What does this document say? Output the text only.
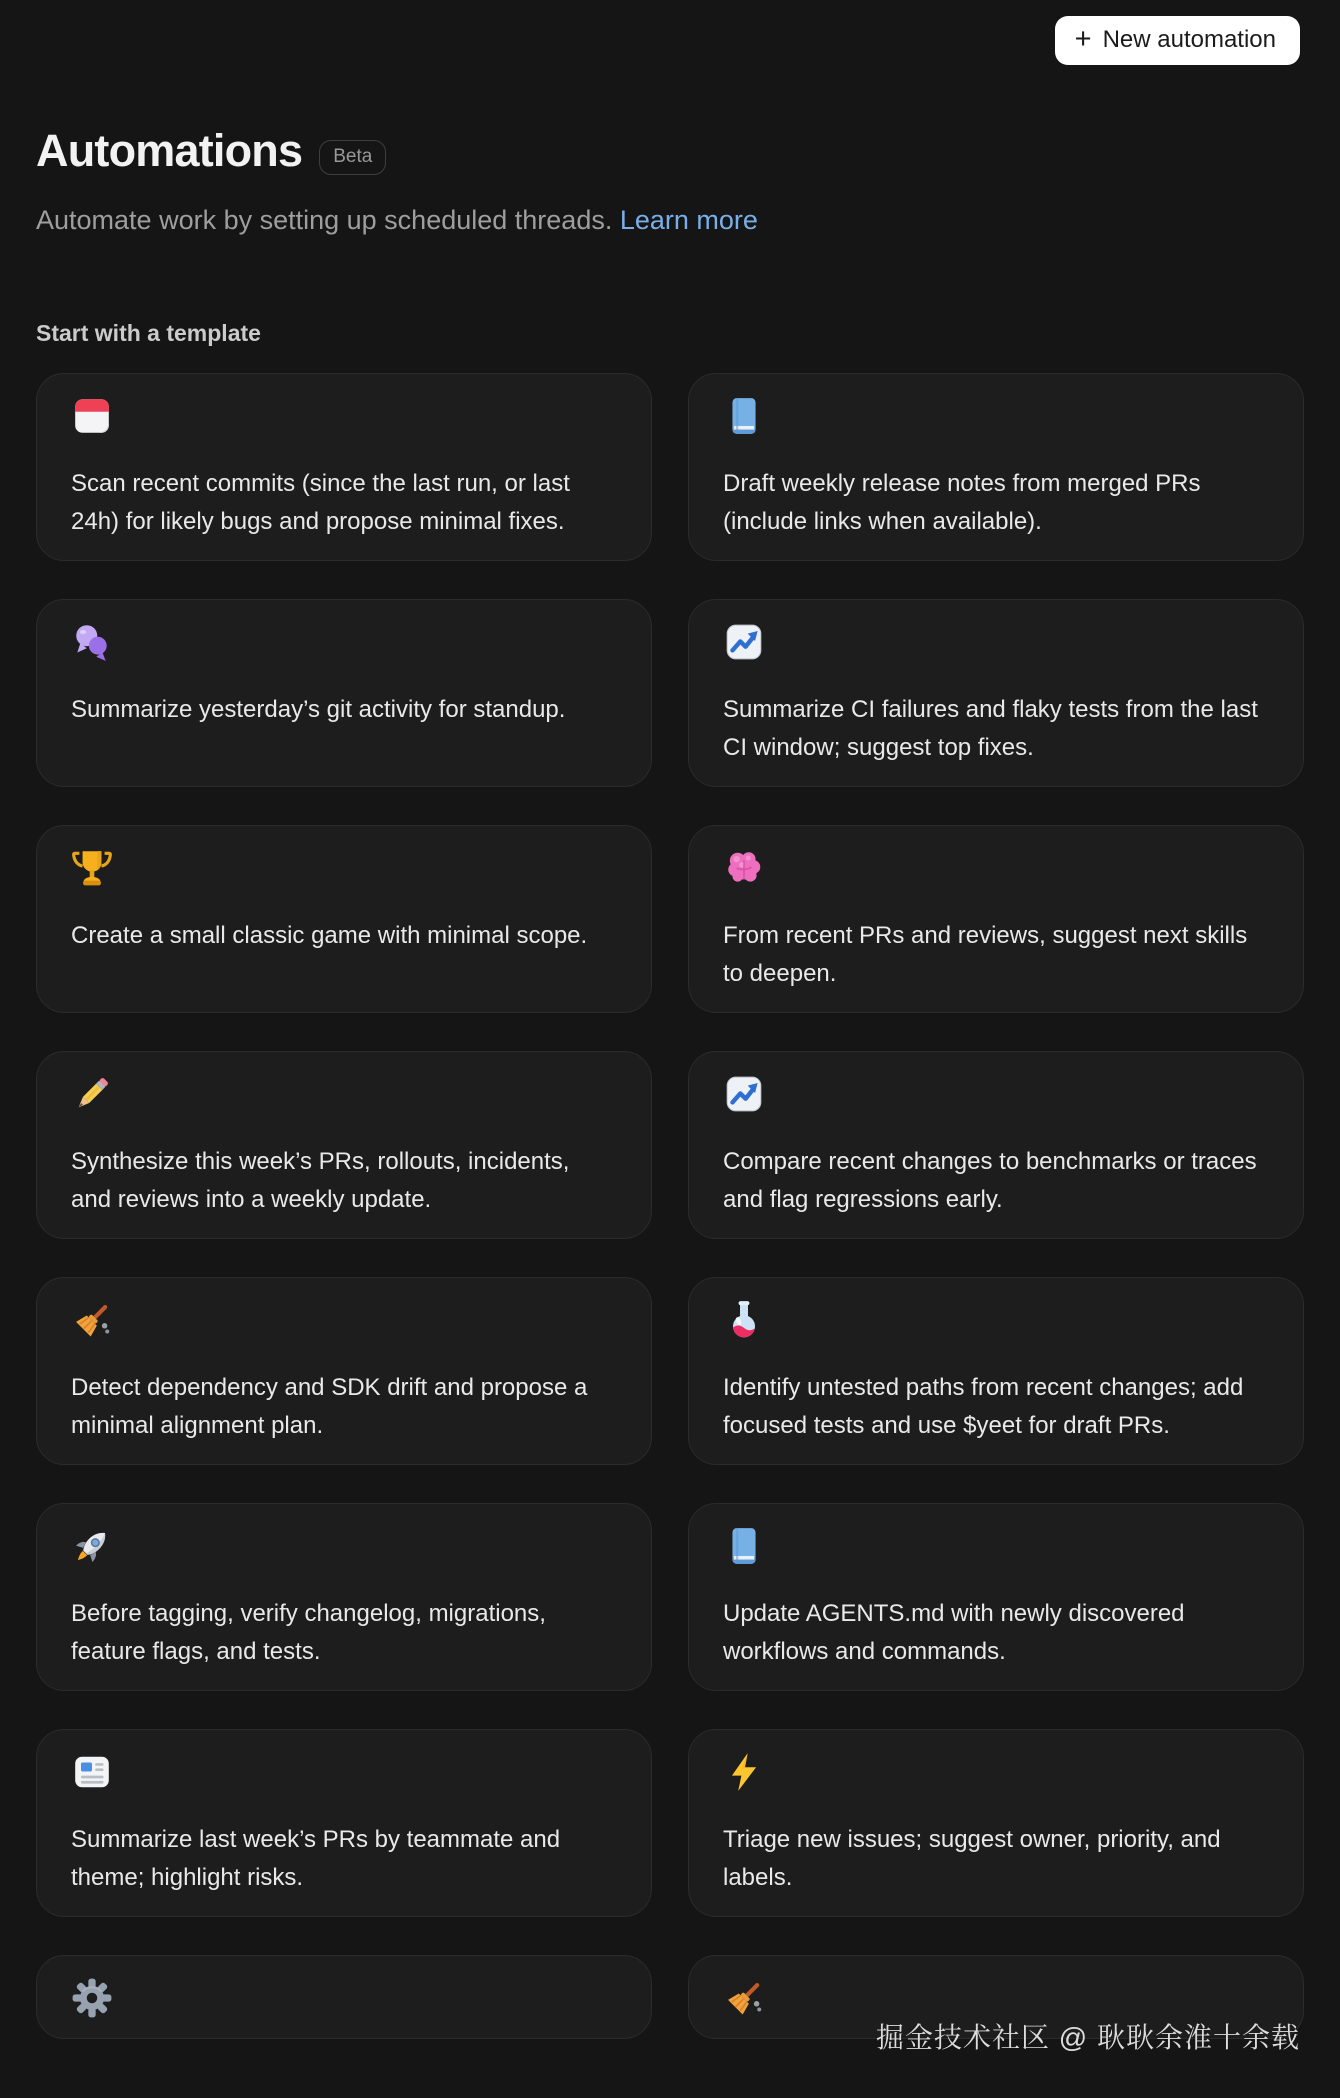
+ New automation
Automations	Beta

Automate work by setting up scheduled threads. Learn more

Start with a template

Scan recent commits (since the last run, or last 24h) for likely bugs and propose minimal fixes.

Draft weekly release notes from merged PRs (include links when available).

Summarize yesterday’s git activity for standup.	Summarize CI failures and flaky tests from the last CI window; suggest top fixes.

Create a small classic game with minimal scope.	From recent PRs and reviews, suggest next skills to deepen.

Synthesize this week’s PRs, rollouts, incidents, and reviews into a weekly update.

Compare recent changes to benchmarks or traces and flag regressions early.

Detect dependency and SDK drift and propose a minimal alignment plan.

Identify untested paths from recent changes; add focused tests and use $yeet for draft PRs.

Before tagging, verify changelog, migrations, feature flags, and tests.

Update AGENTS.md with newly discovered workflows and commands.

Summarize last week’s PRs by teammate and theme; highlight risks.

Triage new issues; suggest owner, priority, and labels.

掘金技术社区 @ 耿耿余淮十余载
